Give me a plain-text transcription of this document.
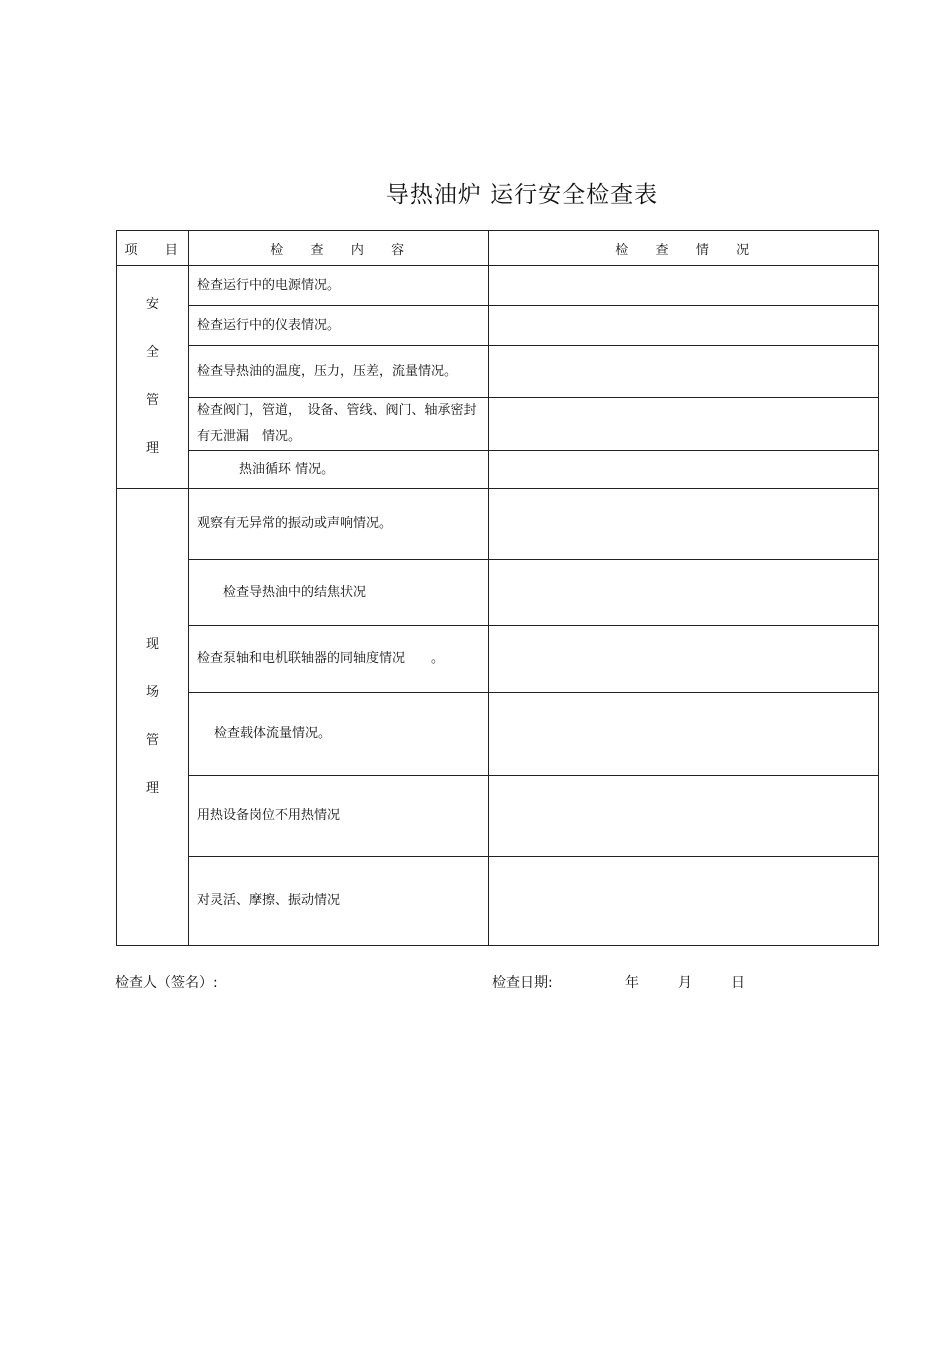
导热油炉 运行安全检查表
项 目	检 查 内 容	检 查 情 况

安
全
管
理	检查运行中的电源情况。	
	检查运行中的仪表情况。	
	检查导热油的温度，压力，压差，流量情况。	
	检查阀门，管道，　设备、管线、阀门、轴承密封有无泄漏　情况。	
	热油循环 情况。	

现
场
管
理	观察有无异常的振动或声响情况。	
	检查导热油中的结焦状况	
	检查泵轴和电机联轴器的同轴度情况　　。	
	检查载体流量情况。	
	用热设备岗位不用热情况	
	对灵活、摩擦、振动情况	
检查人（签名）:	检查日期:	年	月	日
